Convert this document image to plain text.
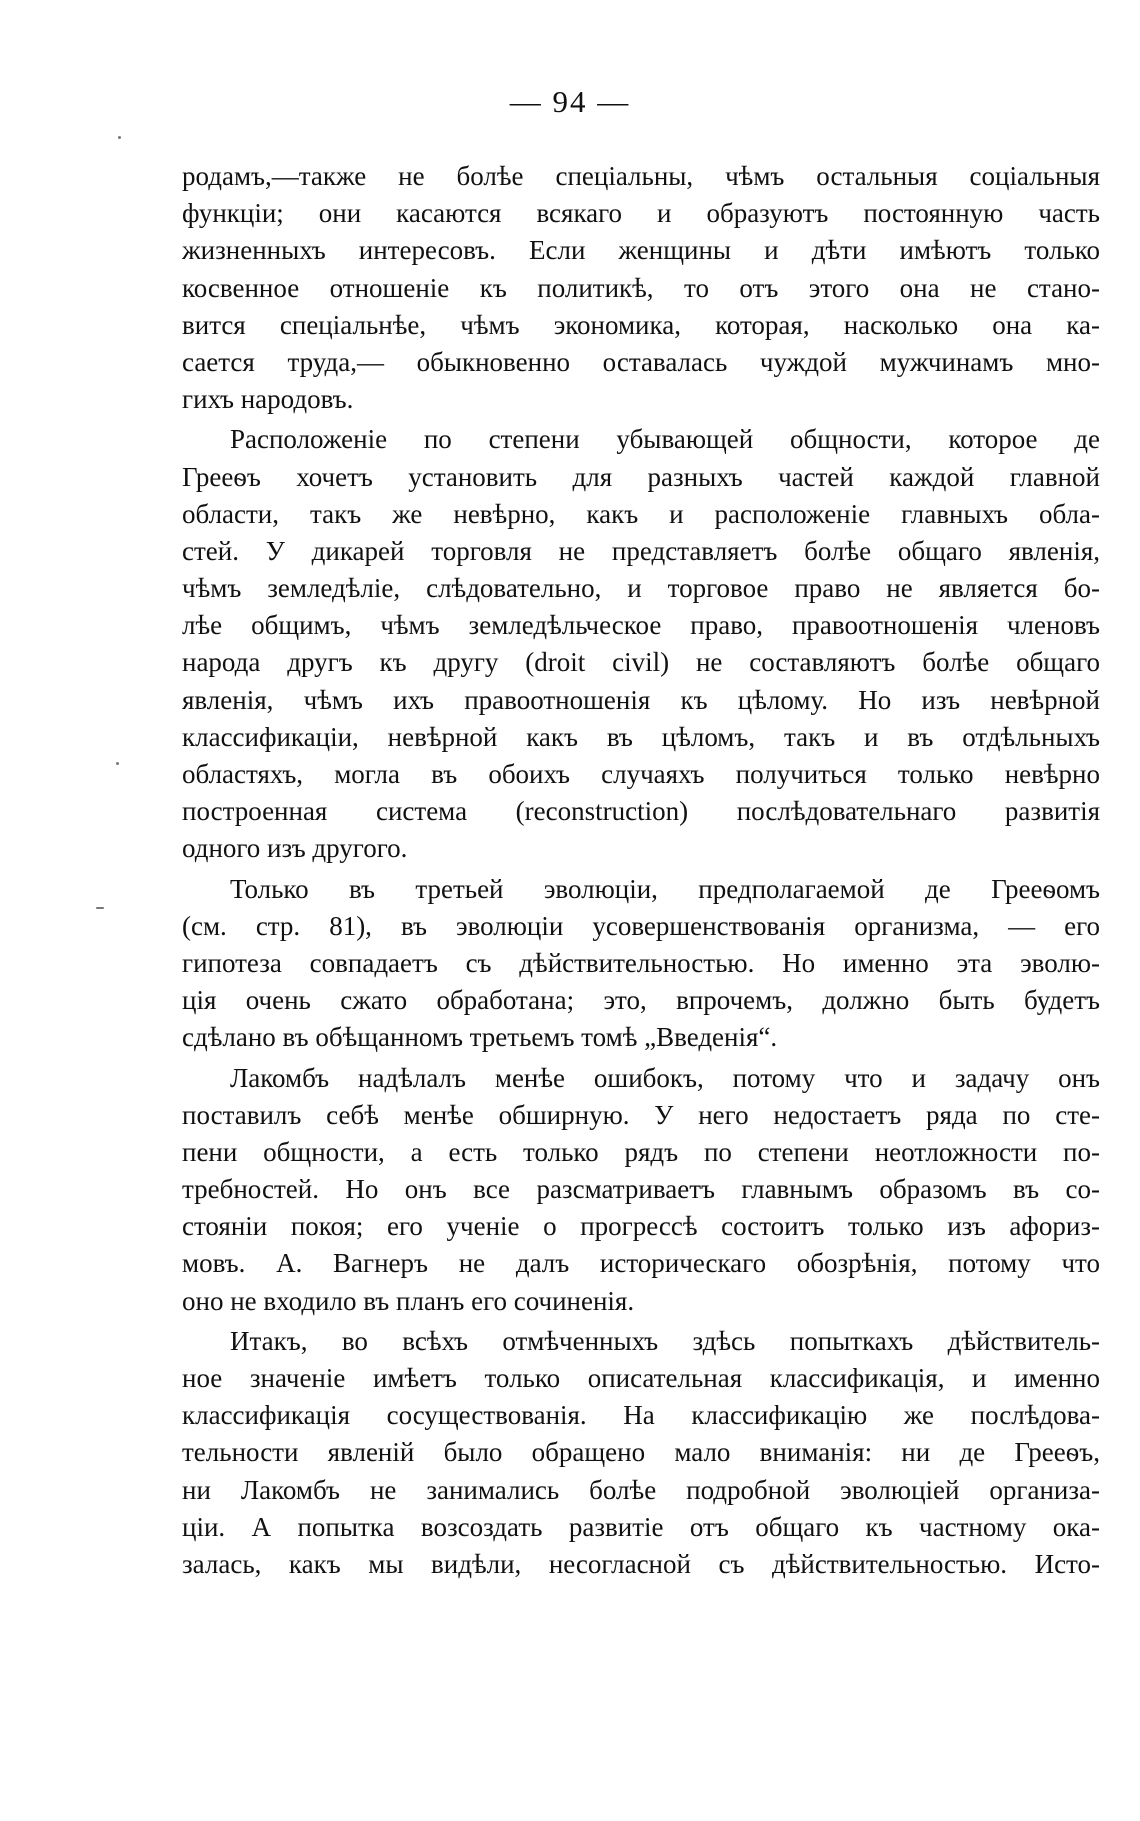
— 94 —
родамъ,—также не болѣе спеціальны, чѣмъ остальныя соціальныя
функціи; они касаются всякаго и образуютъ постоянную часть
жизненныхъ интересовъ. Если женщины и дѣти имѣютъ только
косвенное отношеніе къ политикѣ, то отъ этого она не стано-
вится спеціальнѣе, чѣмъ экономика, которая, насколько она ка-
сается труда,— обыкновенно оставалась чуждой мужчинамъ мно-
гихъ народовъ.
Расположеніе по степени убывающей общности, которое де
Грееѳъ хочетъ установить для разныхъ частей каждой главной
области, такъ же невѣрно, какъ и расположеніе главныхъ обла-
стей. У дикарей торговля не представляетъ болѣе общаго явленія,
чѣмъ земледѣліе, слѣдовательно, и торговое право не является бо-
лѣе общимъ, чѣмъ земледѣльческое право, правоотношенія членовъ
народа другъ къ другу (droit civil) не составляютъ болѣе общаго
явленія, чѣмъ ихъ правоотношенія къ цѣлому. Но изъ невѣрной
классификаціи, невѣрной какъ въ цѣломъ, такъ и въ отдѣльныхъ
областяхъ, могла въ обоихъ случаяхъ получиться только невѣрно
построенная система (reconstruction) послѣдовательнаго развитія
одного изъ другого.
Только въ третьей эволюціи, предполагаемой де Грееѳомъ
(см. стр. 81), въ эволюціи усовершенствованія организма, — его
гипотеза совпадаетъ съ дѣйствительностью. Но именно эта эволю-
ція очень сжато обработана; это, впрочемъ, должно быть будетъ
сдѣлано въ обѣщанномъ третьемъ томѣ „Введенія“.
Лакомбъ надѣлалъ менѣе ошибокъ, потому что и задачу онъ
поставилъ себѣ менѣе обширную. У него недостаетъ ряда по сте-
пени общности, а есть только рядъ по степени неотложности по-
требностей. Но онъ все разсматриваетъ главнымъ образомъ въ со-
стояніи покоя; его ученіе о прогрессѣ состоитъ только изъ афориз-
мовъ. А. Вагнеръ не далъ историческаго обозрѣнія, потому что
оно не входило въ планъ его сочиненія.
Итакъ, во всѣхъ отмѣченныхъ здѣсь попыткахъ дѣйствитель-
ное значеніе имѣетъ только описательная классификація, и именно
классификація сосуществованія. На классификацію же послѣдова-
тельности явленій было обращено мало вниманія: ни де Грееѳъ,
ни Лакомбъ не занимались болѣе подробной эволюціей организа-
ціи. А попытка возсоздать развитіе отъ общаго къ частному ока-
залась, какъ мы видѣли, несогласной съ дѣйствительностью. Исто-
